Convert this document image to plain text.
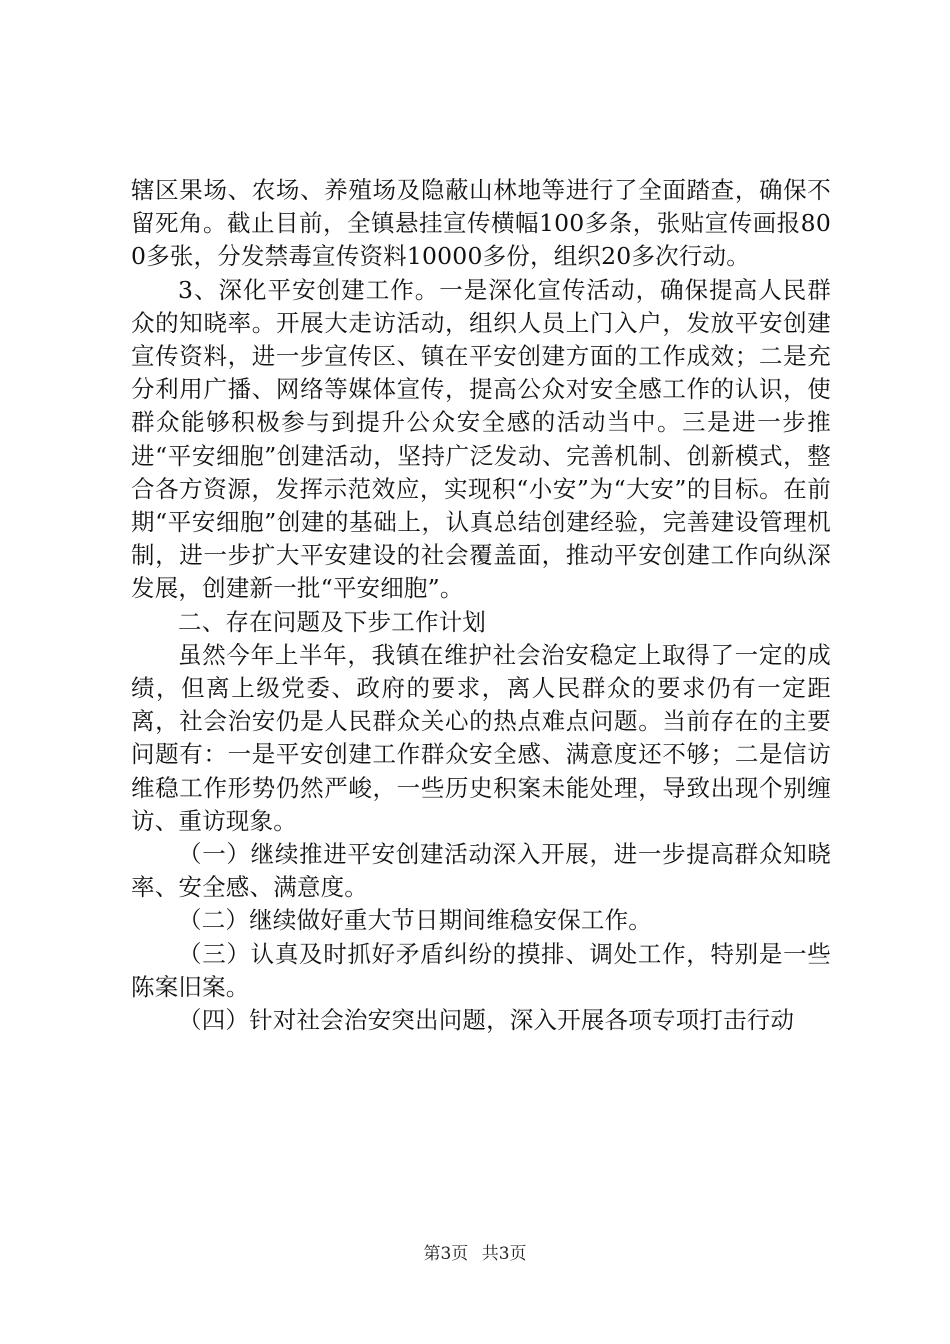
辖区果场、农场、养殖场及隐蔽山林地等进行了全面踏查，确保不留死角。截止目前，全镇悬挂宣传横幅100多条，张贴宣传画报800多张，分发禁毒宣传资料10000多份，组织20多次行动。

3、深化平安创建工作。一是深化宣传活动，确保提高人民群众的知晓率。开展大走访活动，组织人员上门入户，发放平安创建宣传资料，进一步宣传区、镇在平安创建方面的工作成效；二是充分利用广播、网络等媒体宣传，提高公众对安全感工作的认识，使群众能够积极参与到提升公众安全感的活动当中。三是进一步推进“平安细胞”创建活动，坚持广泛发动、完善机制、创新模式，整合各方资源，发挥示范效应，实现积“小安”为“大安”的目标。在前期“平安细胞”创建的基础上，认真总结创建经验，完善建设管理机制，进一步扩大平安建设的社会覆盖面，推动平安创建工作向纵深发展，创建新一批“平安细胞”。

二、存在问题及下步工作计划

虽然今年上半年，我镇在维护社会治安稳定上取得了一定的成绩，但离上级党委、政府的要求，离人民群众的要求仍有一定距离，社会治安仍是人民群众关心的热点难点问题。当前存在的主要问题有：一是平安创建工作群众安全感、满意度还不够；二是信访维稳工作形势仍然严峻，一些历史积案未能处理，导致出现个别缠访、重访现象。

（一）继续推进平安创建活动深入开展，进一步提高群众知晓率、安全感、满意度。

（二）继续做好重大节日期间维稳安保工作。

（三）认真及时抓好矛盾纠纷的摸排、调处工作，特别是一些陈案旧案。

（四）针对社会治安突出问题，深入开展各项专项打击行动

第3页 共3页
